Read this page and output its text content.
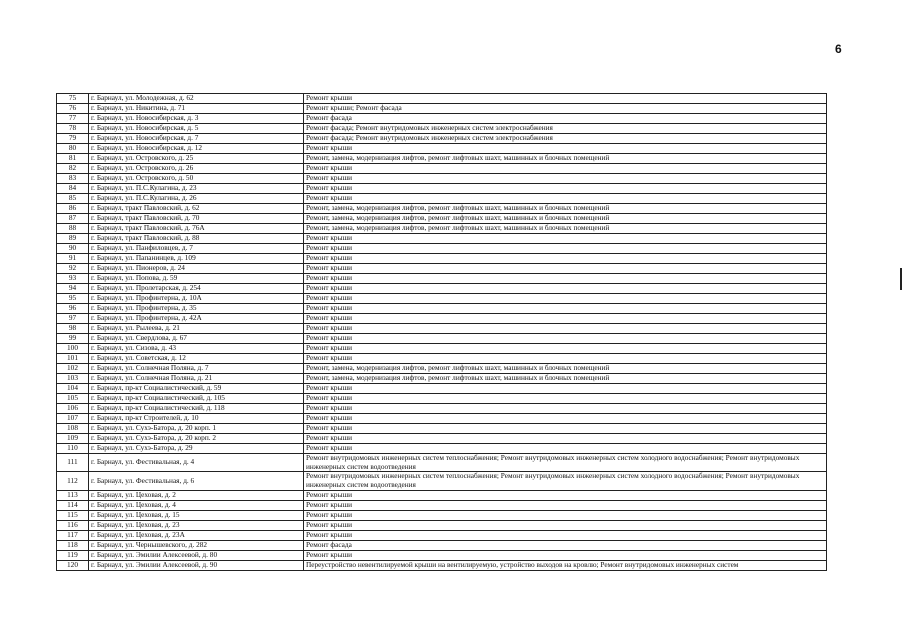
6
75	г. Барнаул, ул. Молодежная, д. 62	Ремонт крыши
76	г. Барнаул, ул. Никитина, д. 71	Ремонт крыши; Ремонт фасада
77	г. Барнаул, ул. Новосибирская, д. 3	Ремонт фасада
78	г. Барнаул, ул. Новосибирская, д. 5	Ремонт фасада; Ремонт внутридомовых инженерных систем электроснабжения
79	г. Барнаул, ул. Новосибирская, д. 7	Ремонт фасада; Ремонт внутридомовых инженерных систем электроснабжения
80	г. Барнаул, ул. Новосибирская, д. 12	Ремонт крыши
81	г. Барнаул, ул. Островского, д. 25	Ремонт, замена, модернизация лифтов, ремонт лифтовых шахт, машинных и блочных помещений
82	г. Барнаул, ул. Островского, д. 26	Ремонт крыши
83	г. Барнаул, ул. Островского, д. 50	Ремонт крыши
84	г. Барнаул, ул. П.С.Кулагина, д. 23	Ремонт крыши
85	г. Барнаул, ул. П.С.Кулагина, д. 26	Ремонт крыши
86	г. Барнаул, тракт Павловский, д. 62	Ремонт, замена, модернизация лифтов, ремонт лифтовых шахт, машинных и блочных помещений
87	г. Барнаул, тракт Павловский, д. 70	Ремонт, замена, модернизация лифтов, ремонт лифтовых шахт, машинных и блочных помещений
88	г. Барнаул, тракт Павловский, д. 76А	Ремонт, замена, модернизация лифтов, ремонт лифтовых шахт, машинных и блочных помещений
89	г. Барнаул, тракт Павловский, д. 88	Ремонт крыши
90	г. Барнаул, ул. Панфиловцев, д. 7	Ремонт крыши
91	г. Барнаул, ул. Папанинцев, д. 109	Ремонт крыши
92	г. Барнаул, ул. Пионеров, д. 24	Ремонт крыши
93	г. Барнаул, ул. Попова, д. 59	Ремонт крыши
94	г. Барнаул, ул. Пролетарская, д. 254	Ремонт крыши
95	г. Барнаул, ул. Профинтерна, д. 10А	Ремонт крыши
96	г. Барнаул, ул. Профинтерна, д. 35	Ремонт крыши
97	г. Барнаул, ул. Профинтерна, д. 42А	Ремонт крыши
98	г. Барнаул, ул. Рылеева, д. 21	Ремонт крыши
99	г. Барнаул, ул. Свердлова, д. 67	Ремонт крыши
100	г. Барнаул, ул. Сизова, д. 43	Ремонт крыши
101	г. Барнаул, ул. Советская, д. 12	Ремонт крыши
102	г. Барнаул, ул. Солнечная Поляна, д. 7	Ремонт, замена, модернизация лифтов, ремонт лифтовых шахт, машинных и блочных помещений
103	г. Барнаул, ул. Солнечная Поляна, д. 21	Ремонт, замена, модернизация лифтов, ремонт лифтовых шахт, машинных и блочных помещений
104	г. Барнаул, пр-кт Социалистический, д. 59	Ремонт крыши
105	г. Барнаул, пр-кт Социалистический, д. 105	Ремонт крыши
106	г. Барнаул, пр-кт Социалистический, д. 118	Ремонт крыши
107	г. Барнаул, пр-кт Строителей, д. 10	Ремонт крыши
108	г. Барнаул, ул. Сухэ-Батора, д. 20 корп. 1	Ремонт крыши
109	г. Барнаул, ул. Сухэ-Батора, д. 20 корп. 2	Ремонт крыши
110	г. Барнаул, ул. Сухэ-Батора, д. 29	Ремонт крыши
111	г. Барнаул, ул. Фестивальная, д. 4	Ремонт внутридомовых инженерных систем теплоснабжения; Ремонт внутридомовых инженерных систем холодного водоснабжения; Ремонт внутридомовых инженерных систем водоотведения
112	г. Барнаул, ул. Фестивальная, д. 6	Ремонт внутридомовых инженерных систем теплоснабжения; Ремонт внутридомовых инженерных систем холодного водоснабжения; Ремонт внутридомовых инженерных систем водоотведения
113	г. Барнаул, ул. Цеховая, д. 2	Ремонт крыши
114	г. Барнаул, ул. Цеховая, д. 4	Ремонт крыши
115	г. Барнаул, ул. Цеховая, д. 15	Ремонт крыши
116	г. Барнаул, ул. Цеховая, д. 23	Ремонт крыши
117	г. Барнаул, ул. Цеховая, д. 23А	Ремонт крыши
118	г. Барнаул, ул. Чернышевского, д. 282	Ремонт фасада
119	г. Барнаул, ул. Эмилии Алексеевой, д. 80	Ремонт крыши
120	г. Барнаул, ул. Эмилии Алексеевой, д. 90	Переустройство невентилируемой крыши на вентилируемую, устройство выходов на кровлю; Ремонт внутридомовых инженерных систем
